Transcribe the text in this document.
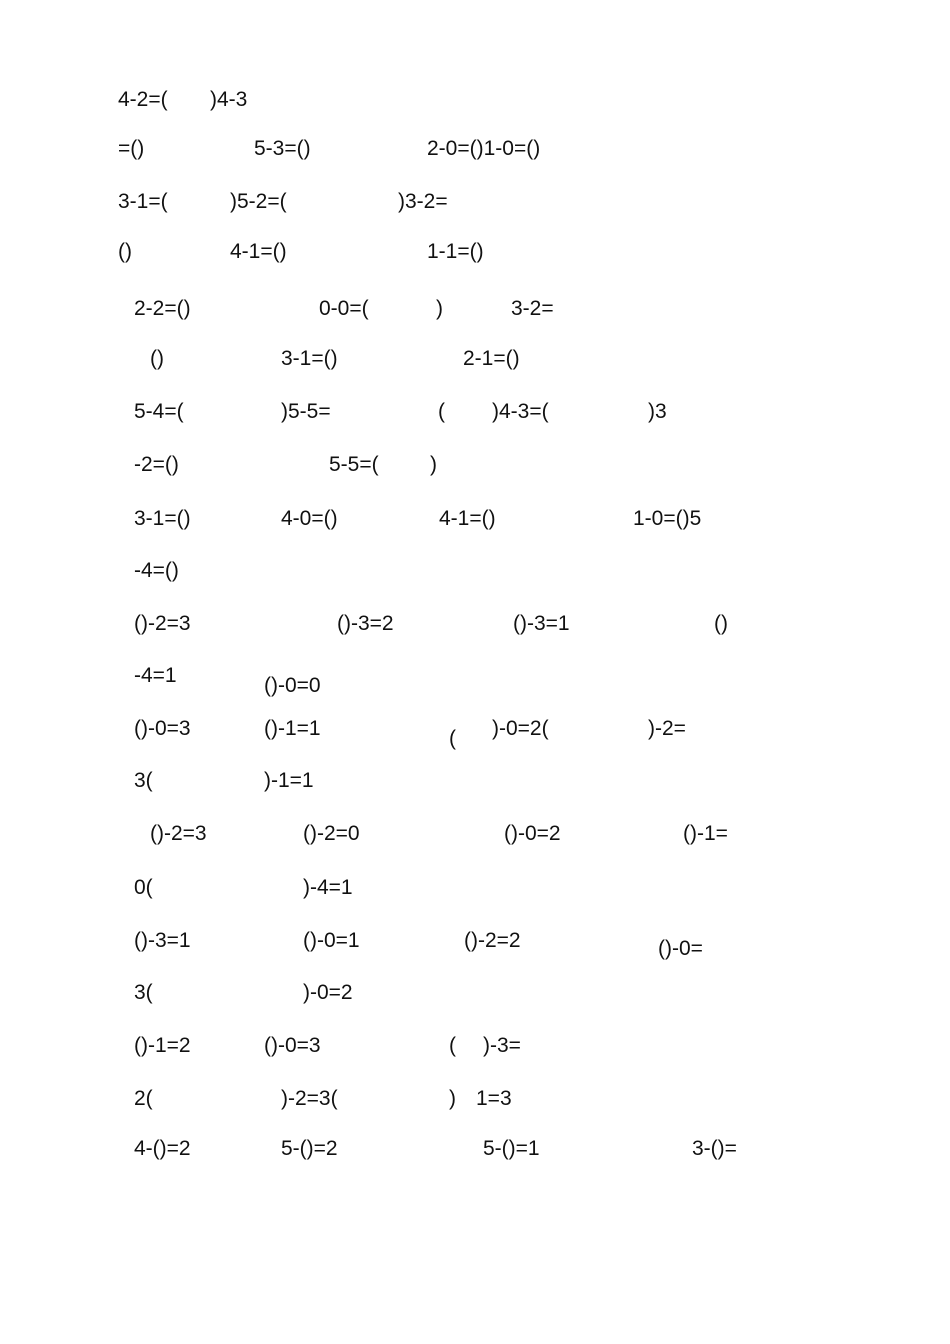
4-2=( )4-3
=()	5-3=()	2-0=()1-0=()
3-1=(	)5-2=(	)3-2=
()	4-1=()	1-1=()
2-2=()	0-0=(	)	3-2=
()	3-1=()	2-1=()
5-4=(	)5-5=	( )4-3=(	)3
-2=()	5-5=( )
3-1=()	4-0=()	4-1=()	1-0=()5
-4=()
()-2=3	()-3=2	()-3=1	()
-4=1	()-0=0
()-0=3	()-1=1	( )-0=2(	)-2=
3(	)-1=1
()-2=3	()-2=0	()-0=2	()-1=
0(	)-4=1
()-3=1	()-0=1	()-2=2	()-0=
3(	)-0=2
()-1=2	()-0=3	( )-3=
2(	)-2=3(	) 1=3
4-()=2	5-()=2	5-()=1	3-()=
